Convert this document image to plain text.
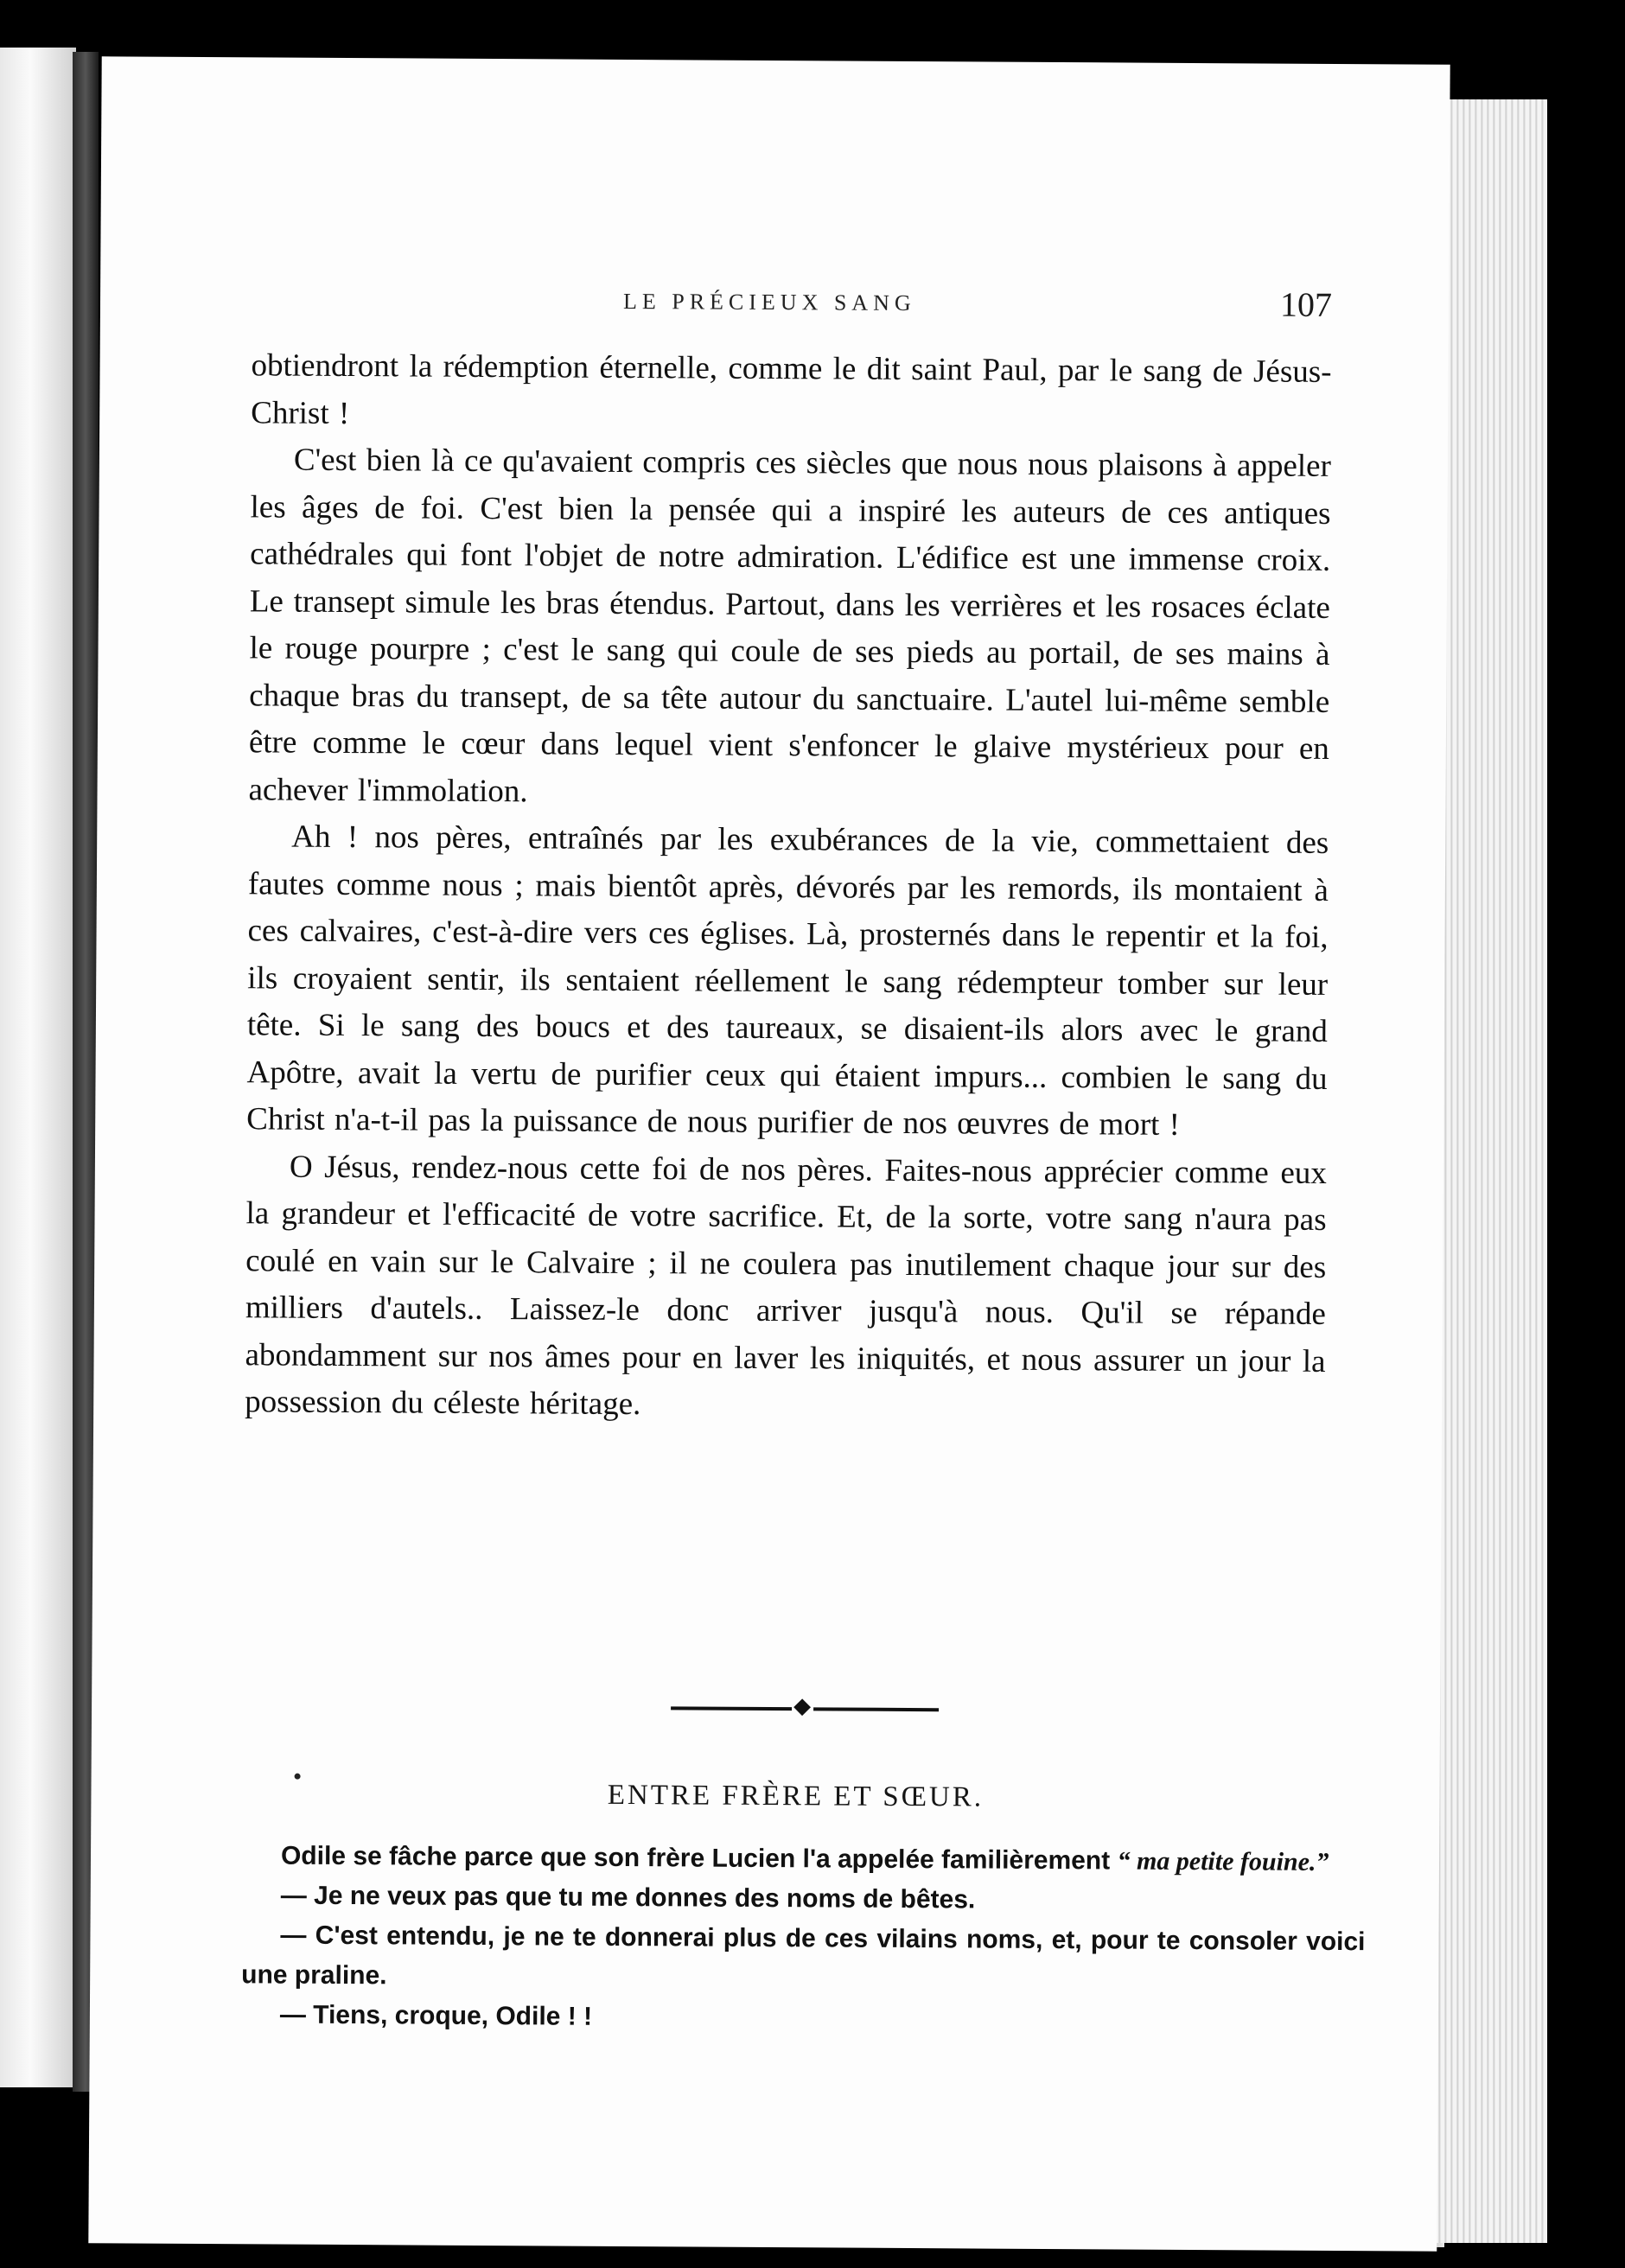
LE PRÉCIEUX SANG	107

obtiendront la rédemption éternelle, comme le dit saint Paul, par le sang de Jésus-Christ !

C'est bien là ce qu'avaient compris ces siècles que nous nous plaisons à appeler les âges de foi. C'est bien la pensée qui a inspiré les auteurs de ces antiques cathédrales qui font l'objet de notre admiration. L'édifice est une immense croix. Le transept simule les bras étendus. Partout, dans les verrières et les rosaces éclate le rouge pourpre ; c'est le sang qui coule de ses pieds au portail, de ses mains à chaque bras du transept, de sa tête autour du sanctuaire. L'autel lui-même semble être comme le cœur dans lequel vient s'enfoncer le glaive mystérieux pour en achever l'immolation.

Ah ! nos pères, entraînés par les exubérances de la vie, commettaient des fautes comme nous ; mais bientôt après, dévorés par les remords, ils montaient à ces calvaires, c'est-à-dire vers ces églises. Là, prosternés dans le repentir et la foi, ils croyaient sentir, ils sentaient réellement le sang rédempteur tomber sur leur tête. Si le sang des boucs et des taureaux, se disaient-ils alors avec le grand Apôtre, avait la vertu de purifier ceux qui étaient impurs... combien le sang du Christ n'a-t-il pas la puissance de nous purifier de nos œuvres de mort !

O Jésus, rendez-nous cette foi de nos pères. Faites-nous apprécier comme eux la grandeur et l'efficacité de votre sacrifice. Et, de la sorte, votre sang n'aura pas coulé en vain sur le Calvaire ; il ne coulera pas inutilement chaque jour sur des milliers d'autels.. Laissez-le donc arriver jusqu'à nous. Qu'il se répande abondamment sur nos âmes pour en laver les iniquités, et nous assurer un jour la possession du céleste héritage.

ENTRE FRÈRE ET SŒUR.

Odile se fâche parce que son frère Lucien l'a appelée familièrement “ ma petite fouine.”

— Je ne veux pas que tu me donnes des noms de bêtes.

— C'est entendu, je ne te donnerai plus de ces vilains noms, et, pour te consoler voici une praline.

— Tiens, croque, Odile ! !
